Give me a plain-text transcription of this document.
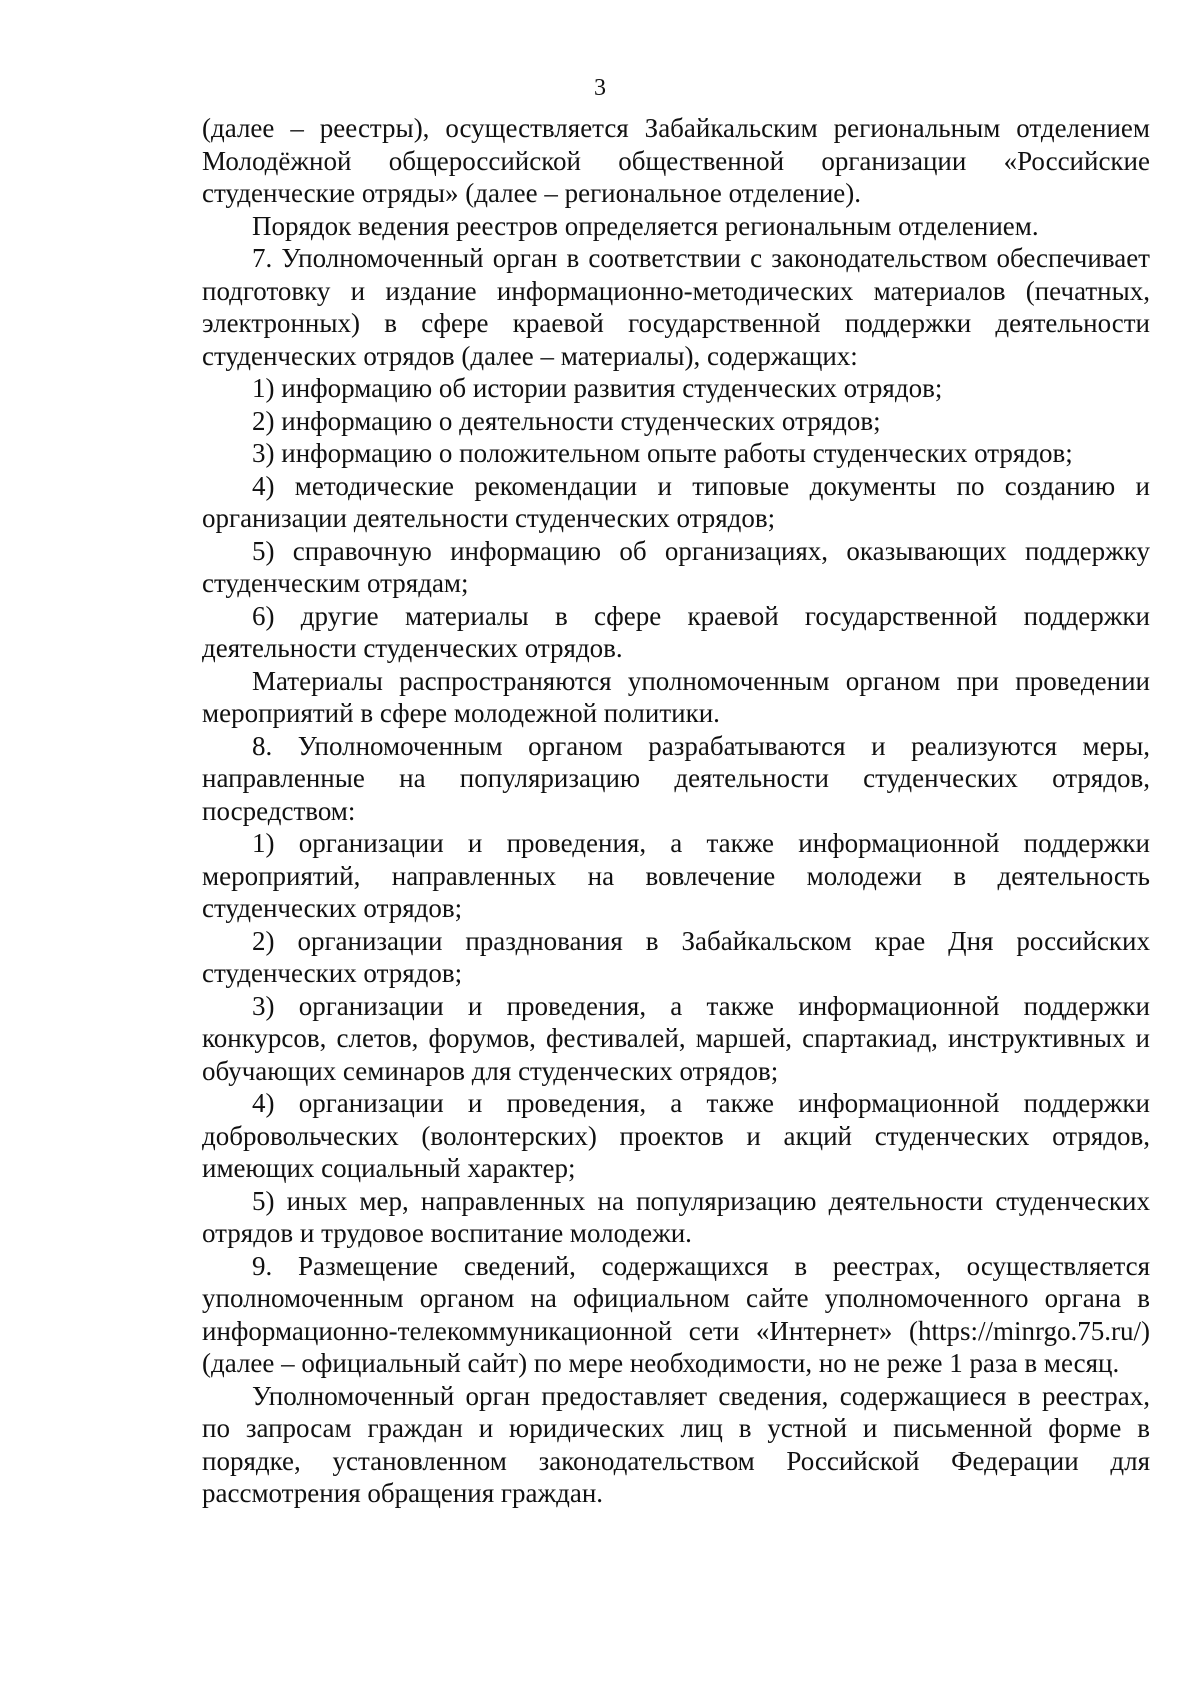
3

(далее – реестры), осуществляется Забайкальским региональным отделением Молодёжной общероссийской общественной организации «Российские студенческие отряды» (далее – региональное отделение).

Порядок ведения реестров определяется региональным отделением.

7. Уполномоченный орган в соответствии с законодательством обеспечивает подготовку и издание информационно-методических материалов (печатных, электронных) в сфере краевой государственной поддержки деятельности студенческих отрядов (далее – материалы), содержащих:

1) информацию об истории развития студенческих отрядов;

2) информацию о деятельности студенческих отрядов;

3) информацию о положительном опыте работы студенческих отрядов;

4) методические рекомендации и типовые документы по созданию и организации деятельности студенческих отрядов;

5) справочную информацию об организациях, оказывающих поддержку студенческим отрядам;

6) другие материалы в сфере краевой государственной поддержки деятельности студенческих отрядов.

Материалы распространяются уполномоченным органом при проведении мероприятий в сфере молодежной политики.

8. Уполномоченным органом разрабатываются и реализуются меры, направленные на популяризацию деятельности студенческих отрядов, посредством:

1) организации и проведения, а также информационной поддержки мероприятий, направленных на вовлечение молодежи в деятельность студенческих отрядов;

2) организации празднования в Забайкальском крае Дня российских студенческих отрядов;

3) организации и проведения, а также информационной поддержки конкурсов, слетов, форумов, фестивалей, маршей, спартакиад, инструктивных и обучающих семинаров для студенческих отрядов;

4) организации и проведения, а также информационной поддержки добровольческих (волонтерских) проектов и акций студенческих отрядов, имеющих социальный характер;

5) иных мер, направленных на популяризацию деятельности студенческих отрядов и трудовое воспитание молодежи.

9. Размещение сведений, содержащихся в реестрах, осуществляется уполномоченным органом на официальном сайте уполномоченного органа в информационно-телекоммуникационной сети «Интернет» (https://minrgo.75.ru/) (далее – официальный сайт) по мере необходимости, но не реже 1 раза в месяц.

Уполномоченный орган предоставляет сведения, содержащиеся в реестрах, по запросам граждан и юридических лиц в устной и письменной форме в порядке, установленном законодательством Российской Федерации для рассмотрения обращения граждан.
